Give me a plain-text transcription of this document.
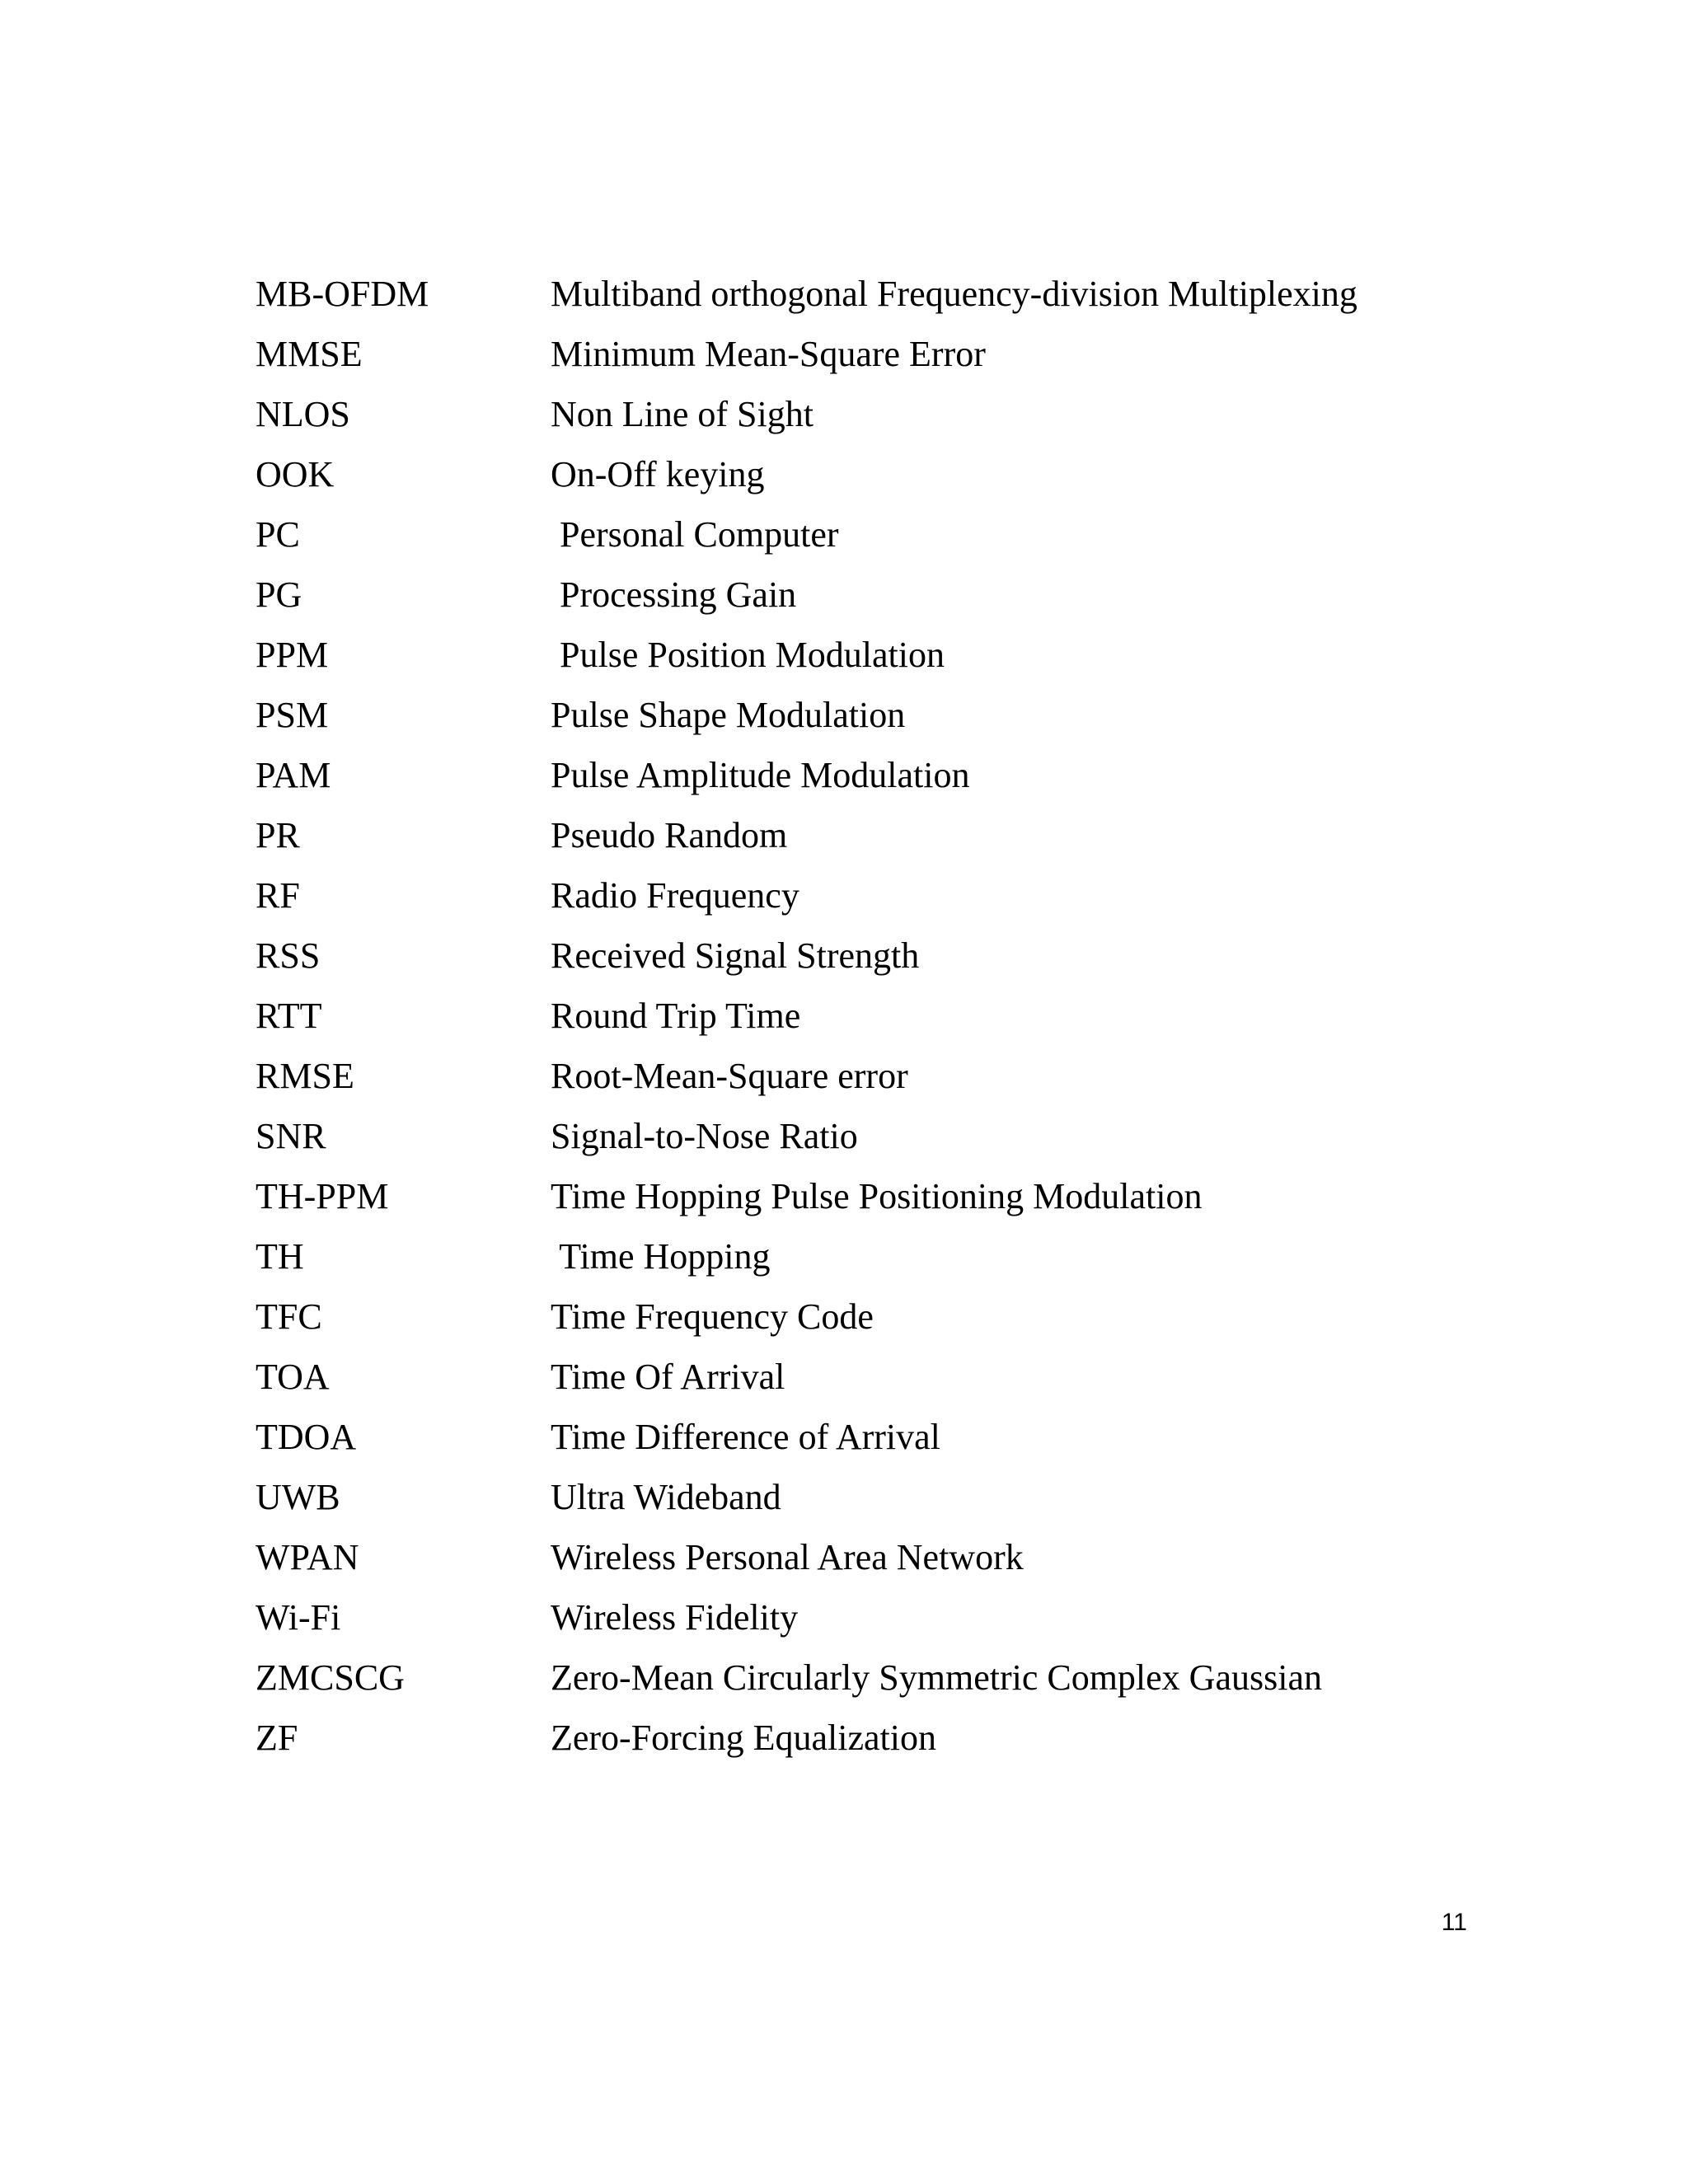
MB-OFDM	Multiband orthogonal Frequency-division Multiplexing
MMSE	Minimum Mean-Square Error
NLOS	Non Line of Sight
OOK	On-Off keying
PC	Personal Computer
PG	Processing Gain
PPM	Pulse Position Modulation
PSM	Pulse Shape Modulation
PAM	Pulse Amplitude Modulation
PR	Pseudo Random
RF	Radio Frequency
RSS	Received Signal Strength
RTT	Round Trip Time
RMSE	Root-Mean-Square error
SNR	Signal-to-Nose Ratio
TH-PPM	Time Hopping Pulse Positioning Modulation
TH	Time Hopping
TFC	Time Frequency Code
TOA	Time Of Arrival
TDOA	Time Difference of Arrival
UWB	Ultra Wideband
WPAN	Wireless Personal Area Network
Wi-Fi	Wireless Fidelity
ZMCSCG	Zero-Mean Circularly Symmetric Complex Gaussian
ZF	Zero-Forcing Equalization
11
